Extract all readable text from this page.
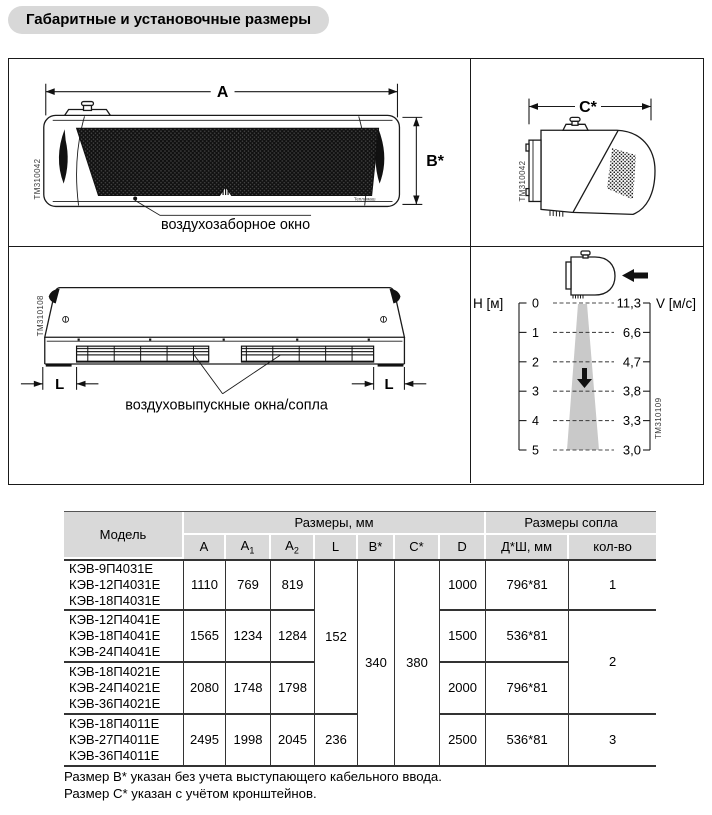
Габаритные и установочные размеры
A
Тепломаш
B*
воздухозаборное окно
TM310042
C*
TM310042
L	L
воздуховыпускные окна/сопла
TM310108	H [м] 0
1
2
3
4
5
V [м/с]
11,3
6,6
4,7
3,8
3,3
3,0
TM310109
Модель	Размеры, мм							Размеры сопла	
	A	$A_1$	$A_2$	L	B*	C*	D	Д*Ш, мм	кол-во

КЭВ-9П4031Е
КЭВ-12П4031Е
КЭВ-18П4031Е	1110	769	819	152	340	380	1000	796*81	1

КЭВ-12П4041Е
КЭВ-18П4041Е
КЭВ-24П4041Е	1565	1234	1284				1500	536*81	2

КЭВ-18П4021Е
КЭВ-24П4021Е
КЭВ-36П4021Е	2080	1748	1798				2000	796*81	

КЭВ-18П4011Е
КЭВ-27П4011Е
КЭВ-36П4011Е	2495	1998	2045	236			2500	536*81	3
Размер B* указан без учета выступающего кабельного ввода.
Размер C* указан с учётом кронштейнов.
